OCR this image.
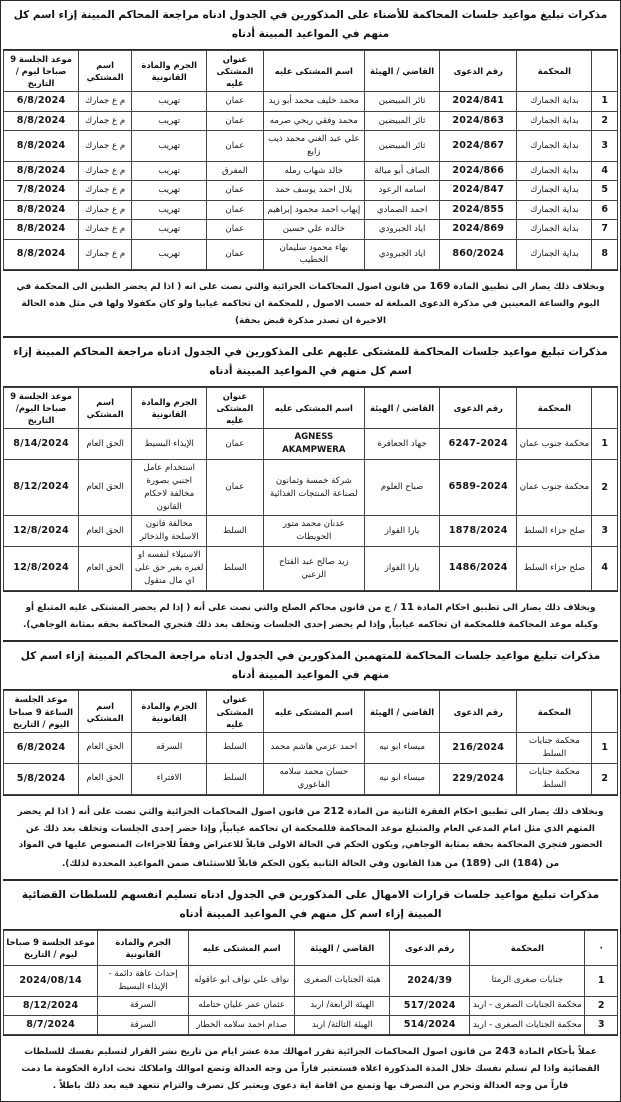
مذكرات تبليغ مواعيد جلسات المحاكمة للأضناء على المذكورين في الجدول ادناه مراجعة المحاكم المبينة إزاء اسم كل منهم في المواعيد المبينة أدناه
	المحكمة	رقم الدعوى	القاضي / الهيئة	اسم المشتكى عليه	عنوان المشتكى عليه	الجرم والمادة القانونية	اسم المشتكي	موعد الجلسة 9 صباحا ليوم / التاريخ
1	بداية الجمارك	2024/841	ثائر المبيضين	محمد خليف محمد أبو زيد	عمان	تهريب	م ع جمارك	6/8/2024
2	بداية الجمارك	2024/863	ثائر المبيضين	محمد وفقي ريحي صرمه	عمان	تهريب	م ع جمارك	8/8/2024
3	بداية الجمارك	2024/867	ثائر المبيضين	علي عبد الغني محمد ذيب زايع	عمان	تهريب	م ع جمارك	8/8/2024
4	بداية الجمارك	2024/866	الصاف أبو ميالة	خالد شهاب رمله	المفرق	تهريب	م ع جمارك	8/8/2024
5	بداية الجمارك	2024/847	اسامه الرعود	بلال احمد يوسف حمد	عمان	تهريب	م ع جمارك	7/8/2024
6	بداية الجمارك	2024/855	احمد الصمادي	إيهاب احمد محمود إبراهيم	عمان	تهريب	م ع جمارك	8/8/2024
7	بداية الجمارك	2024/869	اياد الجبرودي	خالده علي حسين	عمان	تهريب	م ع جمارك	8/8/2024
8	بداية الجمارك	860/2024	اياد الجبرودي	بهاء محمود سليمان الخطيب	عمان	تهريب	م ع جمارك	8/8/2024

وبخلاف ذلك يصار الى تطبيق المادة 169 من قانون اصول المحاكمات الجزائية والتي نصت على انه ( اذا لم يحضر الظنين الى المحكمة في اليوم والساعة المعينين في مذكرة الدعوى المبلغة له حسب الاصول , للمحكمة ان تحاكمه غيابيا ولو كان مكفولا ولها في مثل هذه الحالة الاخيرة ان تصدر مذكرة قبض بحقة)

مذكرات تبليغ مواعيد جلسات المحاكمة للمشتكى عليهم على المذكورين في الجدول ادناه مراجعة المحاكم المبينة إزاء اسم كل منهم في المواعيد المبينة أدناه
	المحكمة	رقم الدعوى	القاضي / الهيئة	اسم المشتكى عليه	عنوان المشتكى عليه	الجرم والمادة القانونية	اسم المشتكي	موعد الجلسة 9 صباحا اليوم/التاريخ
1	محكمة جنوب عمان	6247-2024	جهاد الجعافرة	AGNESS AKAMPWERA	عمان	الإيذاء البسيط	الحق العام	8/14/2024
2	محكمة جنوب عمان	6589-2024	صباح العلوم	شركة خمسة وثمانون لصناعة المنتجات الغذائية	عمان	استخدام عامل اجنبي بصورة مخالفة لاحكام القانون	الحق العام	8/12/2024
3	صلح جزاء السلط	1878/2024	يارا الفواز	عدنان محمد متور الحويطات	السلط	مخالفة قانون الاسلحة والذخائر	الحق العام	12/8/2024
4	صلح جزاء السلط	1486/2024	يارا الفواز	زيد صالح عبد الفتاح الزعبي	السلط	الاستيلاء لنفسه او لغيره بغير حق على اي مال منقول	الحق العام	12/8/2024

وبخلاف ذلك يصار الى تطبيق احكام المادة 11 / ج من قانون محاكم الصلح والتي نصت على أنه ( إذا لم يحضر المشتكى عليه المتبلغ أو وكيله موعد المحاكمة فللمحكمة ان تحاكمه غيابياً, وإذا لم يحضر إحدى الجلسات وتخلف بعد ذلك فتجري المحاكمة بحقه بمثابة الوجاهي).

مذكرات تبليغ مواعيد جلسات المحاكمة للمتهمين المذكورين في الجدول ادناه مراجعة المحاكم المبينة إزاء اسم كل منهم في المواعيد المبينة أدناه
	المحكمة	رقم الدعوى	القاضي / الهيئة	اسم المشتكى عليه	عنوان المشتكى عليه	الجرم والمادة القانونية	اسم المشتكي	موعد الجلسة الساعة 9 صباحا اليوم / التاريخ
1	محكمة جنايات السلط	216/2024	ميساء ابو نيه	احمد عزمي هاشم محمد	السلط	السرقه	الحق العام	6/8/2024
2	محكمة جنايات السلط	229/2024	ميساء ابو نيه	حسان محمد سلامه الفاعوري	السلط	الافتراء	الحق العام	5/8/2024

وبخلاف ذلك يصار الى تطبيق احكام الفقرة الثانية من المادة 212 من قانون اصول المحاكمات الجزائية والتي نصت على أنه ( اذا لم يحضر المتهم الذي مثل امام المدعي العام والمتبلغ موعد المحاكمة فللمحكمة ان تحاكمه غيابياً, وإذا حضر إحدى الجلسات وتخلف بعد ذلك عن الحضور فتجري المحاكمة بحقه بمثابة الوجاهي, ويكون الحكم في الحالة الاولى قابلاً للاعتراض وفقاً للاجراءات المنصوص عليها في المواد من (184) الى (189) من هذا القانون وفي الحالة الثانية يكون الحكم قابلاً للاستئناف ضمن المواعيد المحددة لذلك).

مذكرات تبليغ مواعيد جلسات قرارات الامهال على المذكورين في الجدول ادناه تسليم انفسهم للسلطات القضائية المبينة إزاء اسم كل منهم في المواعيد المبينة أدناه
·	المحكمة	رقم الدعوى	القاضي / الهيئة	اسم المشتكى عليه	الجرم والمادة القانونية	موعد الجلسة 9 صباحا ليوم / التاريخ
1	جنايات صغرى الرمثا	2024/39	هيئة الجنايات الصغرى	نواف علي نواف ابو عاقوله	إحداث عاهة دائمة - الإيذاء البسيط	2024/08/14
2	محكمة الجنايات الصغرى - اربد	517/2024	الهيئة الرابعة/ اربد	عثمان عمر عليان حتامله	السرقة	8/12/2024
3	محكمة الجنايات الصغرى - اربد	514/2024	الهيئة الثالثة/ اربد	صدام احمد سلامه الخطار	السرقة	8/7/2024

عملاً بأحكام المادة 243 من قانون اصول المحاكمات الجزائية تقرر امهالك مدة عشر ايام من تاريخ نشر القرار لتسليم نفسك للسلطات القضائية واذا لم تسلم نفسك خلال المدة المذكورة اعلاه فستعتبر فاراً من وجه العدالة وتضع اموالك واملاكك تحت ادارة الحكومة ما دمت فاراً من وجه العدالة وتحرم من التصرف بها وتمنع من اقامة اية دعوى ويعتبر كل تصرف والتزام تتعهد فيه بعد ذلك باطلاً .
